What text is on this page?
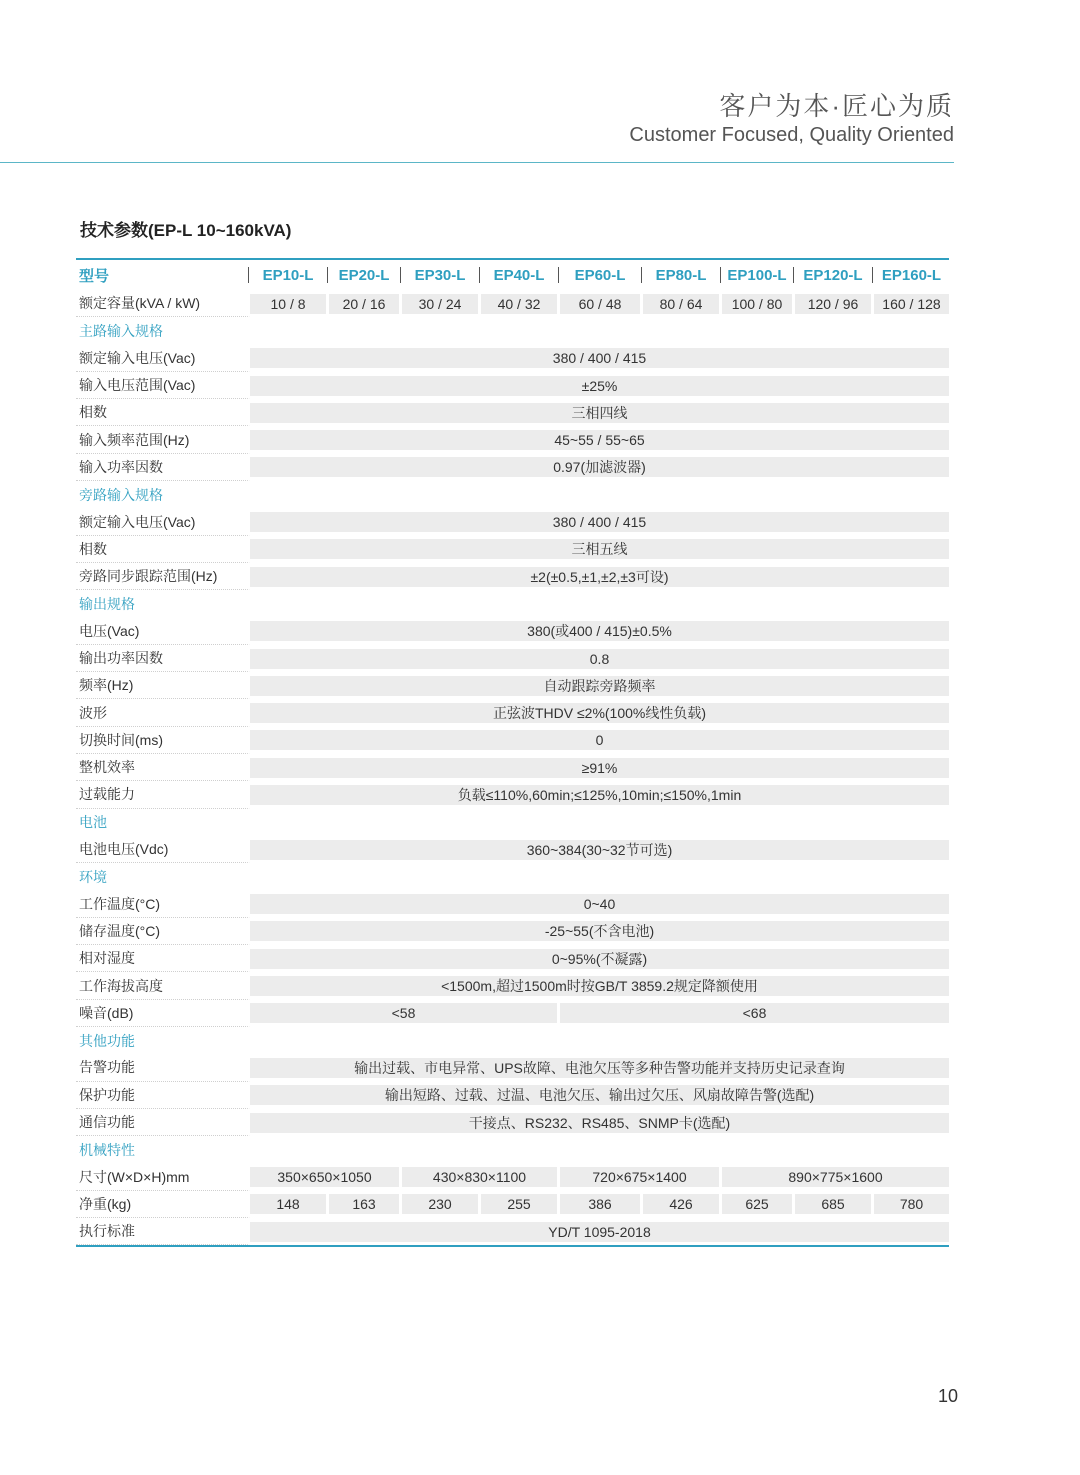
客户为本·匠心为质
Customer Focused, Quality Oriented
技术参数(EP-L 10~160kVA)
型号	EP10-L	EP20-L	EP30-L	EP40-L	EP60-L	EP80-L	EP100-L	EP120-L	EP160-L
额定容量(kVA / kW)	10 / 8	20 / 16	30 / 24	40 / 32	60 / 48	80 / 64	100 / 80	120 / 96	160 / 128
主路输入规格
额定输入电压(Vac)	380 / 400 / 415
输入电压范围(Vac)	±25%
相数	三相四线
输入频率范围(Hz)	45~55 / 55~65
输入功率因数	0.97(加滤波器)
旁路输入规格
额定输入电压(Vac)	380 / 400 / 415
相数	三相五线
旁路同步跟踪范围(Hz)	±2(±0.5,±1,±2,±3可设)
输出规格
电压(Vac)	380(或400 / 415)±0.5%
输出功率因数	0.8
频率(Hz)	自动跟踪旁路频率
波形	正弦波THDV ≤2%(100%线性负载)
切换时间(ms)	0
整机效率	≥91%
过载能力	负载≤110%,60min;≤125%,10min;≤150%,1min
电池
电池电压(Vdc)	360~384(30~32节可选)
环境
工作温度(°C)	0~40
储存温度(°C)	-25~55(不含电池)
相对湿度	0~95%(不凝露)
工作海拔高度	<1500m,超过1500m时按GB/T 3859.2规定降额使用
噪音(dB)	<58	<68
其他功能
告警功能	输出过载、市电异常、UPS故障、电池欠压等多种告警功能并支持历史记录查询
保护功能	输出短路、过载、过温、电池欠压、输出过欠压、风扇故障告警(选配)
通信功能	干接点、RS232、RS485、SNMP卡(选配)
机械特性
尺寸(W×D×H)mm	350×650×1050	430×830×1100	720×675×1400	890×775×1600
净重(kg)	148	163	230	255	386	426	625	685	780
执行标准	YD/T 1095-2018
10
